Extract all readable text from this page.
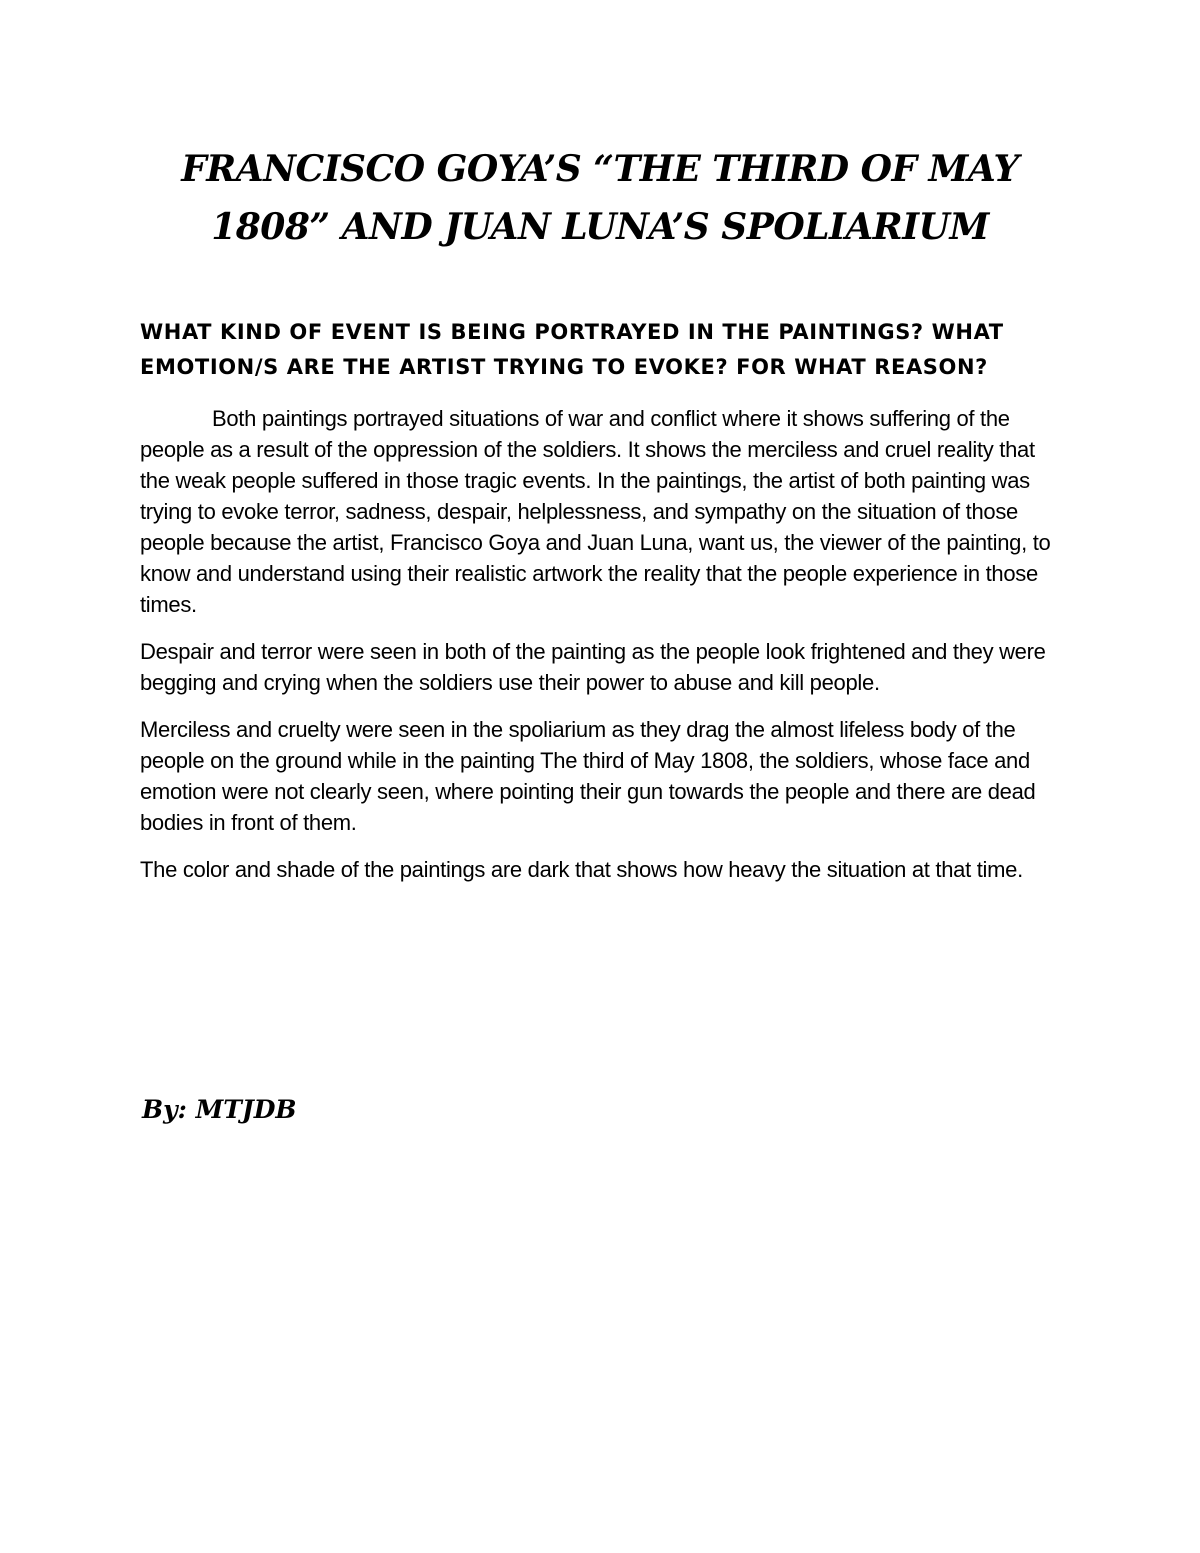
FRANCISCO GOYA’S “THE THIRD OF MAY
1808” AND JUAN LUNA’S SPOLIARIUM
WHAT KIND OF EVENT IS BEING PORTRAYED IN THE PAINTINGS? WHAT EMOTION/S ARE THE ARTIST TRYING TO EVOKE? FOR WHAT REASON?

Both paintings portrayed situations of war and conflict where it shows suffering of the people as a result of the oppression of the soldiers. It shows the merciless and cruel reality that the weak people suffered in those tragic events. In the paintings, the artist of both painting was trying to evoke terror, sadness, despair, helplessness, and sympathy on the situation of those people because the artist, Francisco Goya and Juan Luna, want us, the viewer of the painting, to know and understand using their realistic artwork the reality that the people experience in those times.

Despair and terror were seen in both of the painting as the people look frightened and they were begging and crying when the soldiers use their power to abuse and kill people.

Merciless and cruelty were seen in the spoliarium as they drag the almost lifeless body of the people on the ground while in the painting The third of May 1808, the soldiers, whose face and emotion were not clearly seen, where pointing their gun towards the people and there are dead bodies in front of them.

The color and shade of the paintings are dark that shows how heavy the situation at that time.

By: MTJDB
